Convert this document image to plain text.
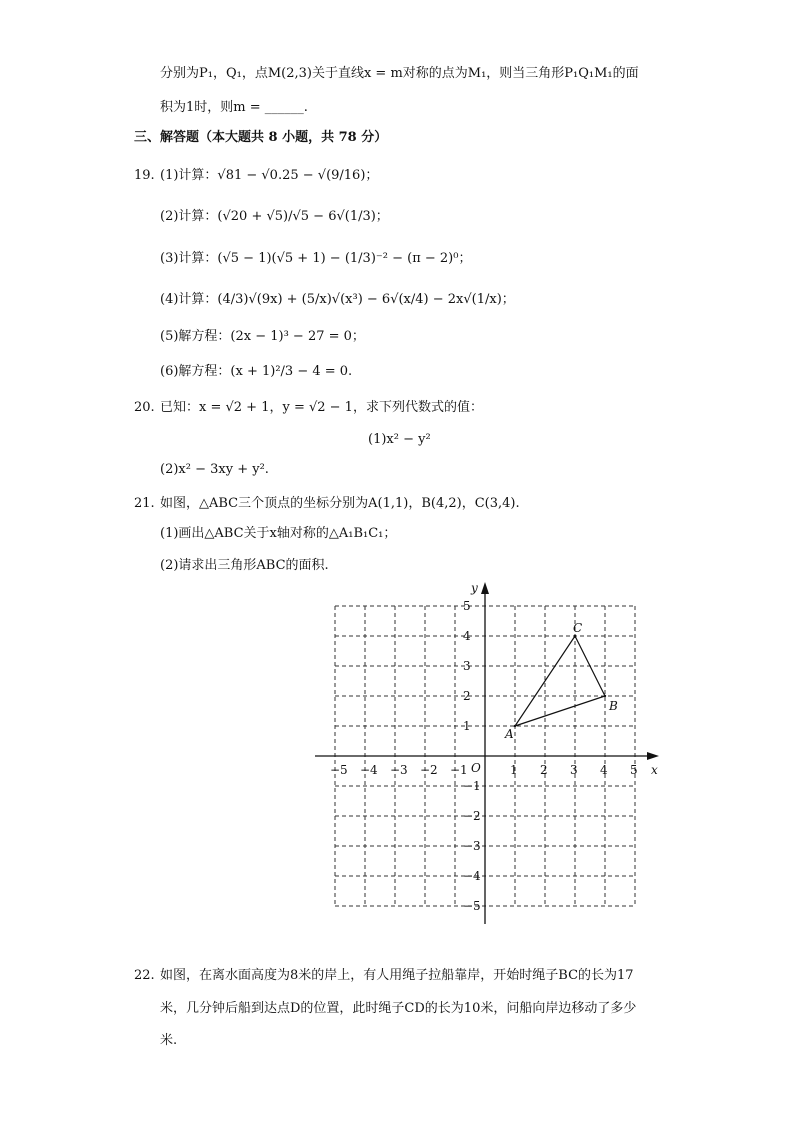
分别为P₁，Q₁，点M(2,3)关于直线x = m对称的点为M₁，则当三角形P₁Q₁M₁的面
积为1时，则m = ______.
三、解答题（本大题共 8 小题，共 78 分）
19. (1)计算：√81 − √0.25 − √(9/16)；
(2)计算：(√20 + √5)/√5 − 6√(1/3)；
(3)计算：(√5 − 1)(√5 + 1) − (1/3)⁻² − (π − 2)⁰；
(4)计算：(4/3)√(9x) + (5/x)√(x³) − 6√(x/4) − 2x√(1/x)；
(5)解方程：(2x − 1)³ − 27 = 0；
(6)解方程：(x + 1)²/3 − 4 = 0.
20. 已知：x = √2 + 1，y = √2 − 1，求下列代数式的值：
(1)x² − y²
(2)x² − 3xy + y².
21. 如图，△ABC三个顶点的坐标分别为A(1,1)，B(4,2)，C(3,4).
(1)画出△ABC关于x轴对称的△A₁B₁C₁；
(2)请求出三角形ABC的面积.
x
y
O
−5 −4 −3 −2 −1	1 2 3 4 5
−5
−4
−3
−2
−1
1
2
3
4
5
A
B
C
22. 如图，在离水面高度为8米的岸上，有人用绳子拉船靠岸，开始时绳子BC的长为17
米，几分钟后船到达点D的位置，此时绳子CD的长为10米，问船向岸边移动了多少
米.
